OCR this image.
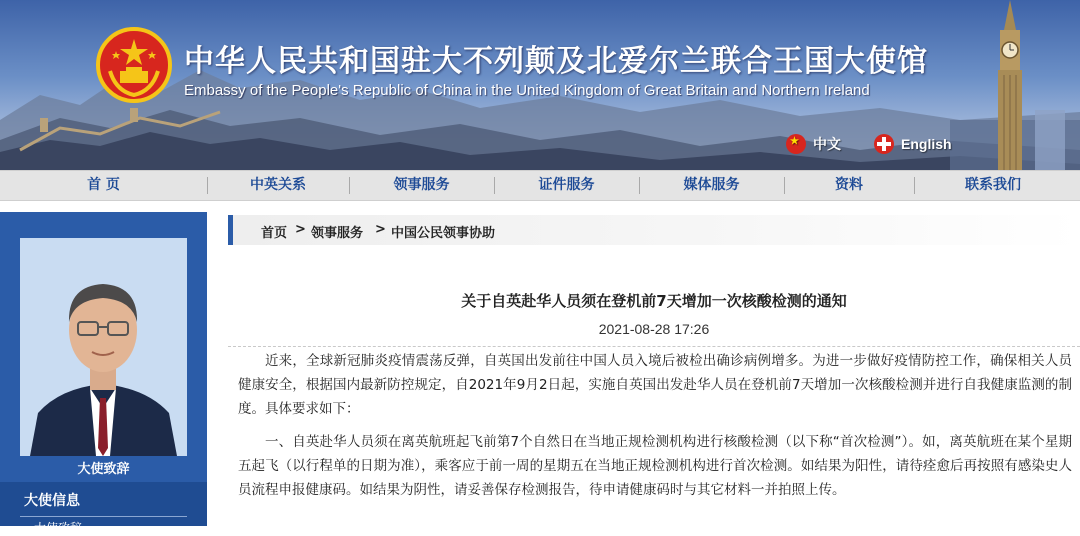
中华人民共和国驻大不列颠及北爱尔兰联合王国大使馆
Embassy of the People's Republic of China in the United Kingdom of Great Britain and Northern Ireland
★
中文	English
首 页	中英关系	领事服务	证件服务	媒体服务	资料	联系我们
大使致辞
大使信息
大使致辞
首页 > 领事服务 > 中国公民领事协助
关于自英赴华人员须在登机前7天增加一次核酸检测的通知
2021-08-28 17:26

近来，全球新冠肺炎疫情震荡反弹，自英国出发前往中国人员入境后被检出确诊病例增多。为进一步做好疫情防控工作，确保相关人员健康安全，根据国内最新防控规定，自2021年9月2日起，实施自英国出发赴华人员在登机前7天增加一次核酸检测并进行自我健康监测的制度。具体要求如下：

一、自英赴华人员须在离英航班起飞前第7个自然日在当地正规检测机构进行核酸检测（以下称“首次检测”）。如，离英航班在某个星期五起飞（以行程单的日期为准），乘客应于前一周的星期五在当地正规检测机构进行首次检测。如结果为阳性，请待痊愈后再按照有感染史人员流程申报健康码。如结果为阴性，请妥善保存检测报告，待申请健康码时与其它材料一并拍照上传。
